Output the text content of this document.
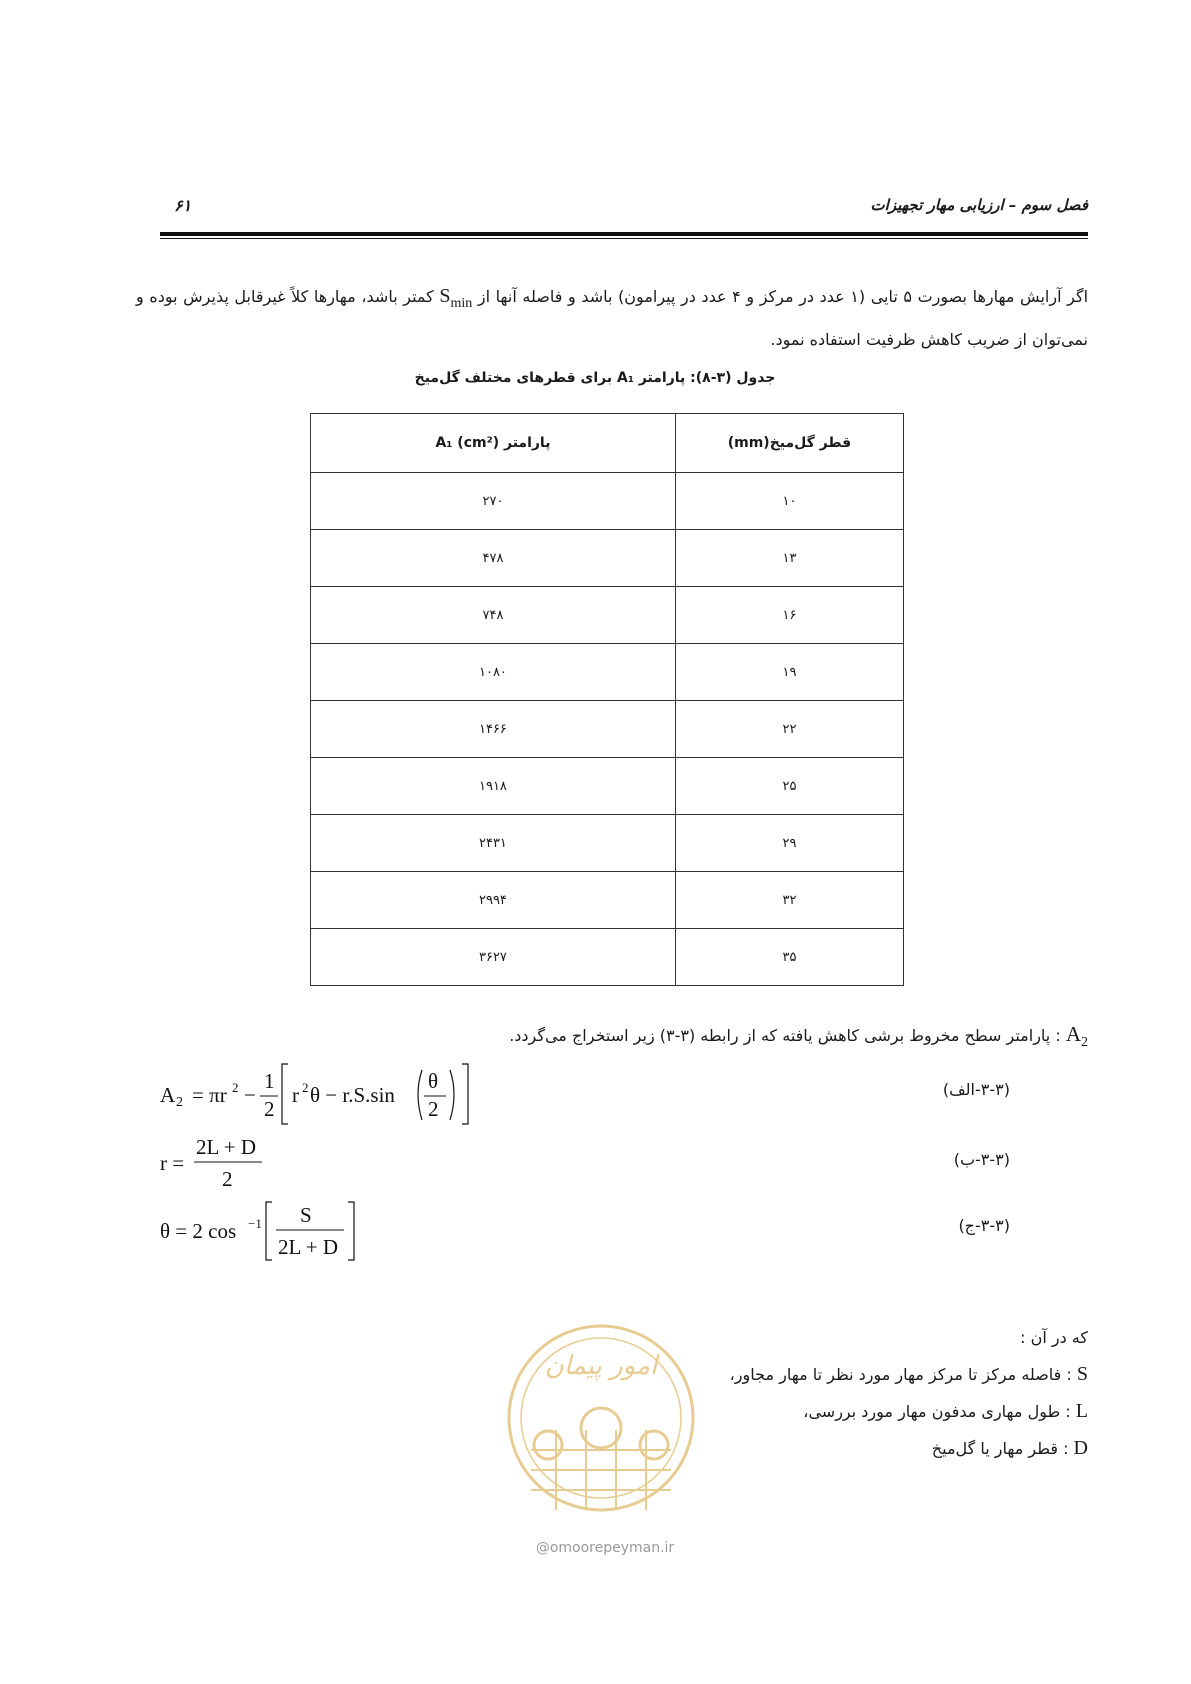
فصل سوم – ارزیابی مهار تجهیزات
۶۱
اگر آرایش مهارها بصورت ۵ تایی (۱ عدد در مرکز و ۴ عدد در پیرامون) باشد و فاصله آنها از $S_{min}$ کمتر باشد، مهارها کلاً غیرقابل پذیرش بوده و نمی‌توان از ضریب کاهش ظرفیت استفاده نمود.
جدول (۳-۸): پارامتر A₁ برای قطرهای مختلف گل‌میخ
قطر گل‌میخ(mm)	پارامتر A₁ (cm²)
۱۰	۲۷۰
۱۳	۴۷۸
۱۶	۷۴۸
۱۹	۱۰۸۰
۲۲	۱۴۶۶
۲۵	۱۹۱۸
۲۹	۲۴۳۱
۳۲	۲۹۹۴
۳۵	۳۶۲۷
$A_2$ : پارامتر سطح مخروط برشی کاهش یافته که از رابطه (۳-۳) زیر استخراج می‌گردد.
A 2 = πr 2 −
1
2
r 2 θ − r.S.sin
θ
2
(۳-۳-الف)
r =
2L + D
2
(۳-۳-ب)
θ = 2 cos −1 S
2L + D
(۳-۳-ج)
امور پیمان
@omoorepeyman.ir
که در آن :
S : فاصله مرکز تا مرکز مهار مورد نظر تا مهار مجاور،
L : طول مهاری مدفون مهار مورد بررسی،
D : قطر مهار یا گل‌میخ
